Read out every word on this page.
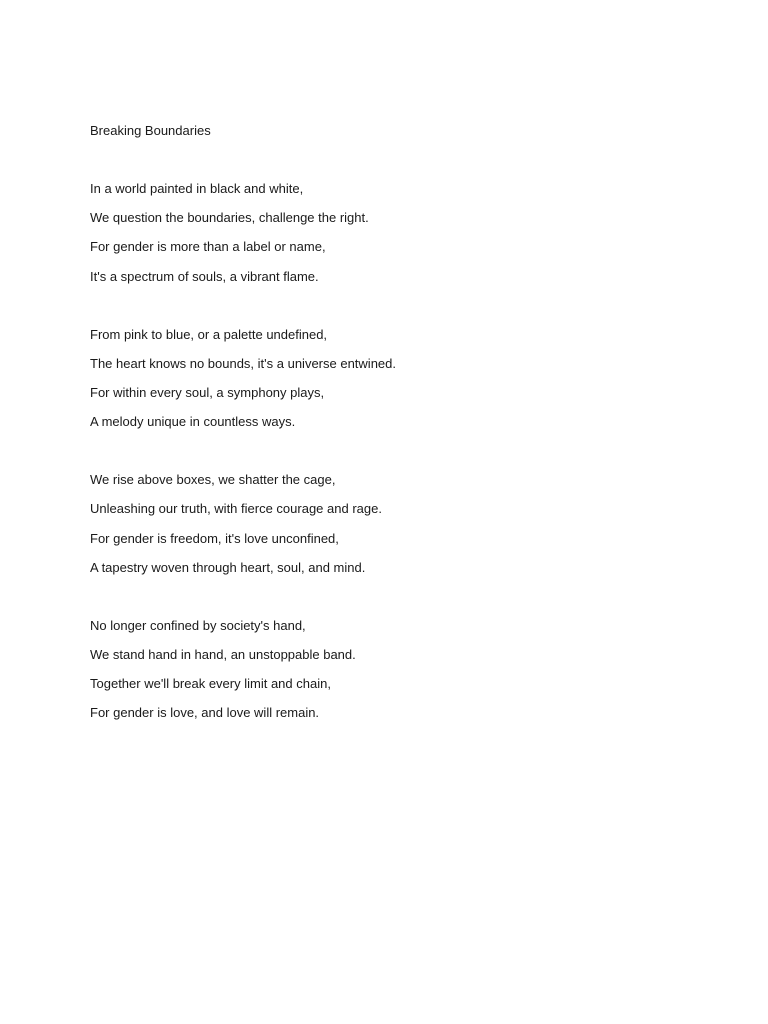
Breaking Boundaries
In a world painted in black and white,
We question the boundaries, challenge the right.
For gender is more than a label or name,
It's a spectrum of souls, a vibrant flame.
From pink to blue, or a palette undefined,
The heart knows no bounds, it's a universe entwined.
For within every soul, a symphony plays,
A melody unique in countless ways.
We rise above boxes, we shatter the cage,
Unleashing our truth, with fierce courage and rage.
For gender is freedom, it's love unconfined,
A tapestry woven through heart, soul, and mind.
No longer confined by society's hand,
We stand hand in hand, an unstoppable band.
Together we'll break every limit and chain,
For gender is love, and love will remain.
